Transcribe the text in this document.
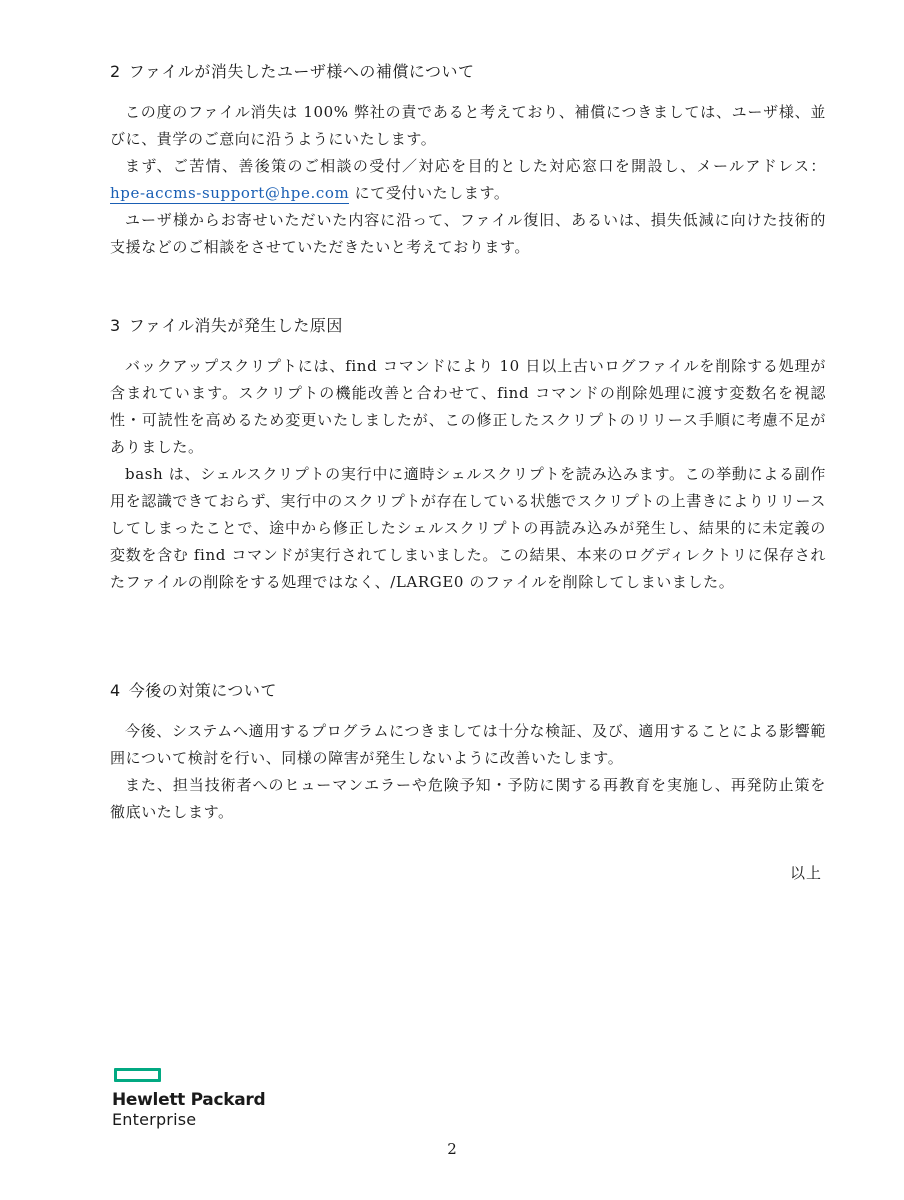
2 ファイルが消失したユーザ様への補償について

この度のファイル消失は 100% 弊社の責であると考えており、補償につきましては、ユーザ様、並びに、貴学のご意向に沿うようにいたします。

まず、ご苦情、善後策のご相談の受付／対応を目的とした対応窓口を開設し、メールアドレス：hpe-accms-support@hpe.com にて受付いたします。

ユーザ様からお寄せいただいた内容に沿って、ファイル復旧、あるいは、損失低減に向けた技術的支援などのご相談をさせていただきたいと考えております。

3 ファイル消失が発生した原因

バックアップスクリプトには、find コマンドにより 10 日以上古いログファイルを削除する処理が含まれています。スクリプトの機能改善と合わせて、find コマンドの削除処理に渡す変数名を視認性・可読性を高めるため変更いたしましたが、この修正したスクリプトのリリース手順に考慮不足がありました。

bash は、シェルスクリプトの実行中に適時シェルスクリプトを読み込みます。この挙動による副作用を認識できておらず、実行中のスクリプトが存在している状態でスクリプトの上書きによりリリースしてしまったことで、途中から修正したシェルスクリプトの再読み込みが発生し、結果的に未定義の変数を含む find コマンドが実行されてしまいました。この結果、本来のログディレクトリに保存されたファイルの削除をする処理ではなく、/LARGE0 のファイルを削除してしまいました。

4 今後の対策について

今後、システムへ適用するプログラムにつきましては十分な検証、及び、適用することによる影響範囲について検討を行い、同様の障害が発生しないように改善いたします。

また、担当技術者へのヒューマンエラーや危険予知・予防に関する再教育を実施し、再発防止策を徹底いたします。

以上
Hewlett Packard
Enterprise
2
